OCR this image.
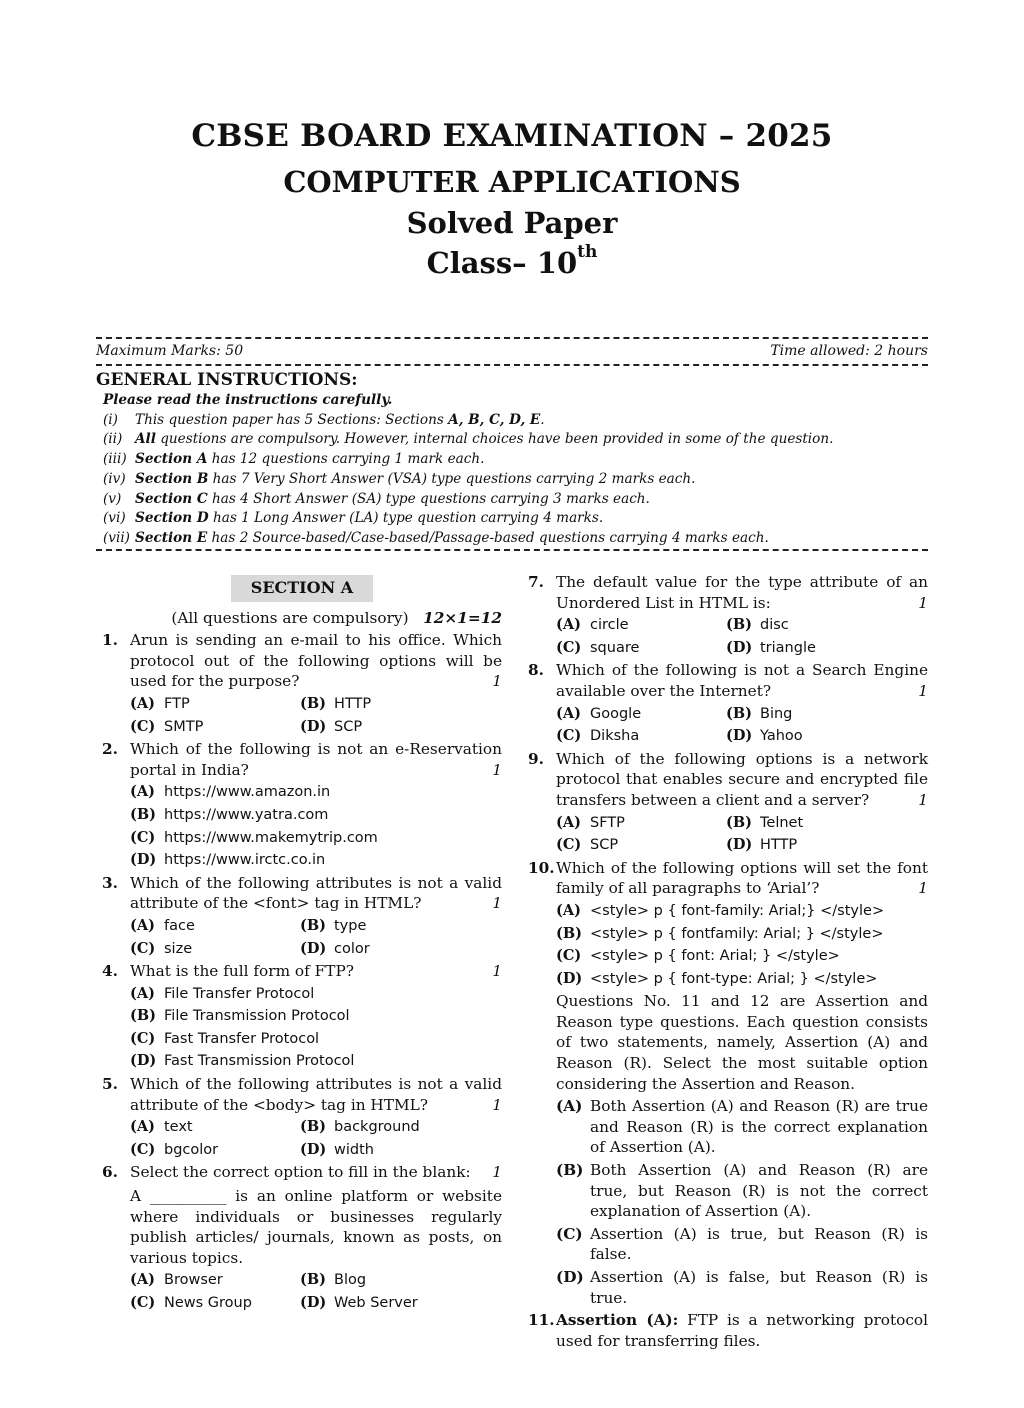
CBSE BOARD EXAMINATION – 2025
COMPUTER APPLICATIONS
Solved Paper
Class– 10th
Maximum Marks: 50	Time allowed: 2 hours
GENERAL INSTRUCTIONS:
Please read the instructions carefully.
(i) This question paper has 5 Sections: Sections A, B, C, D, E.
(ii) All questions are compulsory. However, internal choices have been provided in some of the question.
(iii) Section A has 12 questions carrying 1 mark each.
(iv) Section B has 7 Very Short Answer (VSA) type questions carrying 2 marks each.
(v) Section C has 4 Short Answer (SA) type questions carrying 3 marks each.
(vi) Section D has 1 Long Answer (LA) type question carrying 4 marks.
(vii) Section E has 2 Source-based/Case-based/Passage-based questions carrying 4 marks each.
SECTION A
(All questions are compulsory) 12×1=12
1. Arun is sending an e-mail to his office. Which protocol out of the following options will be used for the purpose?	1
(A) FTP	(B) HTTP
(C) SMTP	(D) SCP
2. Which of the following is not an e-Reservation portal in India?	1
(A) https://www.amazon.in
(B) https://www.yatra.com
(C) https://www.makemytrip.com
(D) https://www.irctc.co.in
3. Which of the following attributes is not a valid attribute of the <font> tag in HTML?	1
(A) face	(B) type
(C) size	(D) color
4. What is the full form of FTP?	1
(A) File Transfer Protocol
(B) File Transmission Protocol
(C) Fast Transfer Protocol
(D) Fast Transmission Protocol
5. Which of the following attributes is not a valid attribute of the <body> tag in HTML?	1
(A) text	(B) background
(C) bgcolor	(D) width
6. Select the correct option to fill in the blank: 1
A __________ is an online platform or website where individuals or businesses regularly publish articles/ journals, known as posts, on various topics.
(A) Browser	(B) Blog
(C) News Group	(D) Web Server
7. The default value for the type attribute of an Unordered List in HTML is:	1
(A) circle	(B) disc
(C) square	(D) triangle
8. Which of the following is not a Search Engine available over the Internet?	1
(A) Google	(B) Bing
(C) Diksha	(D) Yahoo
9. Which of the following options is a network protocol that enables secure and encrypted file transfers between a client and a server?	1
(A) SFTP	(B) Telnet
(C) SCP	(D) HTTP
10. Which of the following options will set the font family of all paragraphs to ‘Arial’?	1
(A) <style> p { font-family: Arial;} </style>
(B) <style> p { fontfamily: Arial; } </style>
(C) <style> p { font: Arial; } </style>
(D) <style> p { font-type: Arial; } </style>
Questions No. 11 and 12 are Assertion and Reason type questions. Each question consists of two statements, namely, Assertion (A) and Reason (R). Select the most suitable option considering the Assertion and Reason.
(A) Both Assertion (A) and Reason (R) are true and Reason (R) is the correct explanation of Assertion (A).
(B) Both Assertion (A) and Reason (R) are true, but Reason (R) is not the correct explanation of Assertion (A).
(C) Assertion (A) is true, but Reason (R) is false.
(D) Assertion (A) is false, but Reason (R) is true.
11. Assertion (A): FTP is a networking protocol used for transferring files.
